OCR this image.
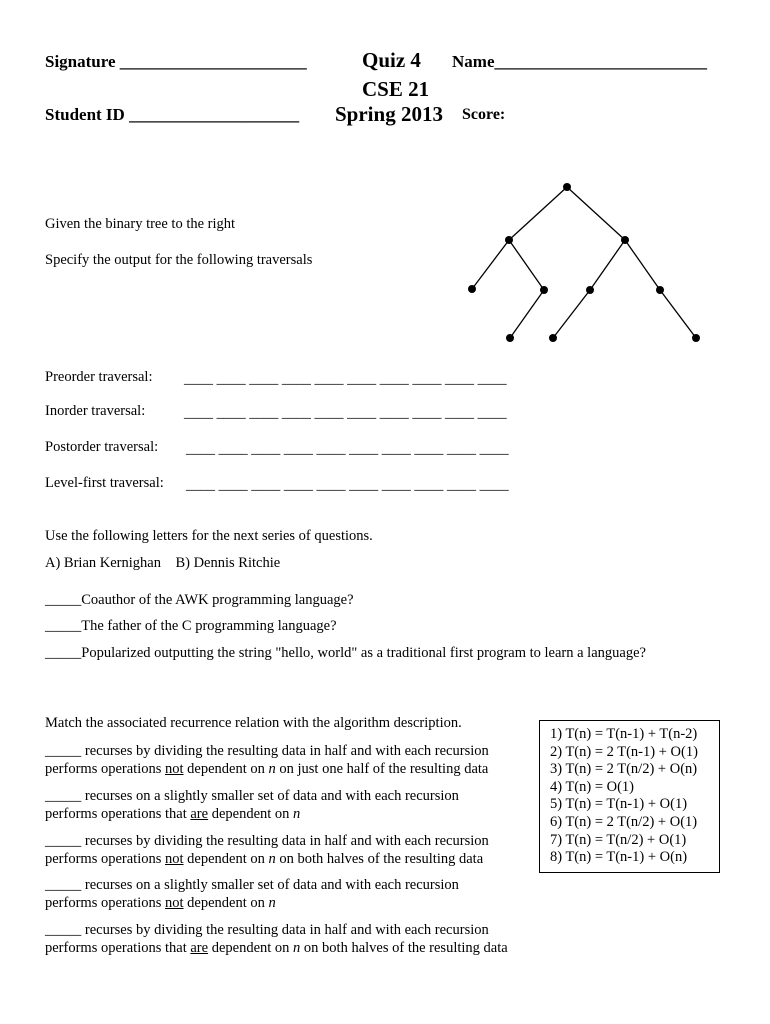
Signature ______________________	Quiz 4 Name_________________________
CSE 21
Student ID ____________________ Spring 2013 Score:
Given the binary tree to the right
Specify the output for the following traversals
Preorder traversal: ____ ____ ____ ____ ____ ____ ____ ____ ____ ____
Inorder traversal:	____ ____ ____ ____ ____ ____ ____ ____ ____ ____
Postorder traversal: ____ ____ ____ ____ ____ ____ ____ ____ ____ ____
Level-first traversal: ____ ____ ____ ____ ____ ____ ____ ____ ____ ____
Use the following letters for the next series of questions.
A) Brian Kernighan    B) Dennis Ritchie
_____Coauthor of the AWK programming language?
_____The father of the C programming language?
_____Popularized outputting the string "hello, world" as a traditional first program to learn a language?
Match the associated recurrence relation with the algorithm description.
_____ recurses by dividing the resulting data in half and with each recursion
performs operations not dependent on n on just one half of the resulting data
_____ recurses on a slightly smaller set of data and with each recursion
performs operations that are dependent on n
_____ recurses by dividing the resulting data in half and with each recursion
performs operations not dependent on n on both halves of the resulting data
_____ recurses on a slightly smaller set of data and with each recursion
performs operations not dependent on n
_____ recurses by dividing the resulting data in half and with each recursion
performs operations that are dependent on n on both halves of the resulting data
1) T(n) = T(n-1) + T(n-2)
2) T(n) = 2 T(n-1) + O(1)
3) T(n) = 2 T(n/2) + O(n)
4) T(n) = O(1)
5) T(n) = T(n-1) + O(1)
6) T(n) = 2 T(n/2) + O(1)
7) T(n) = T(n/2) + O(1)
8) T(n) = T(n-1) + O(n)
